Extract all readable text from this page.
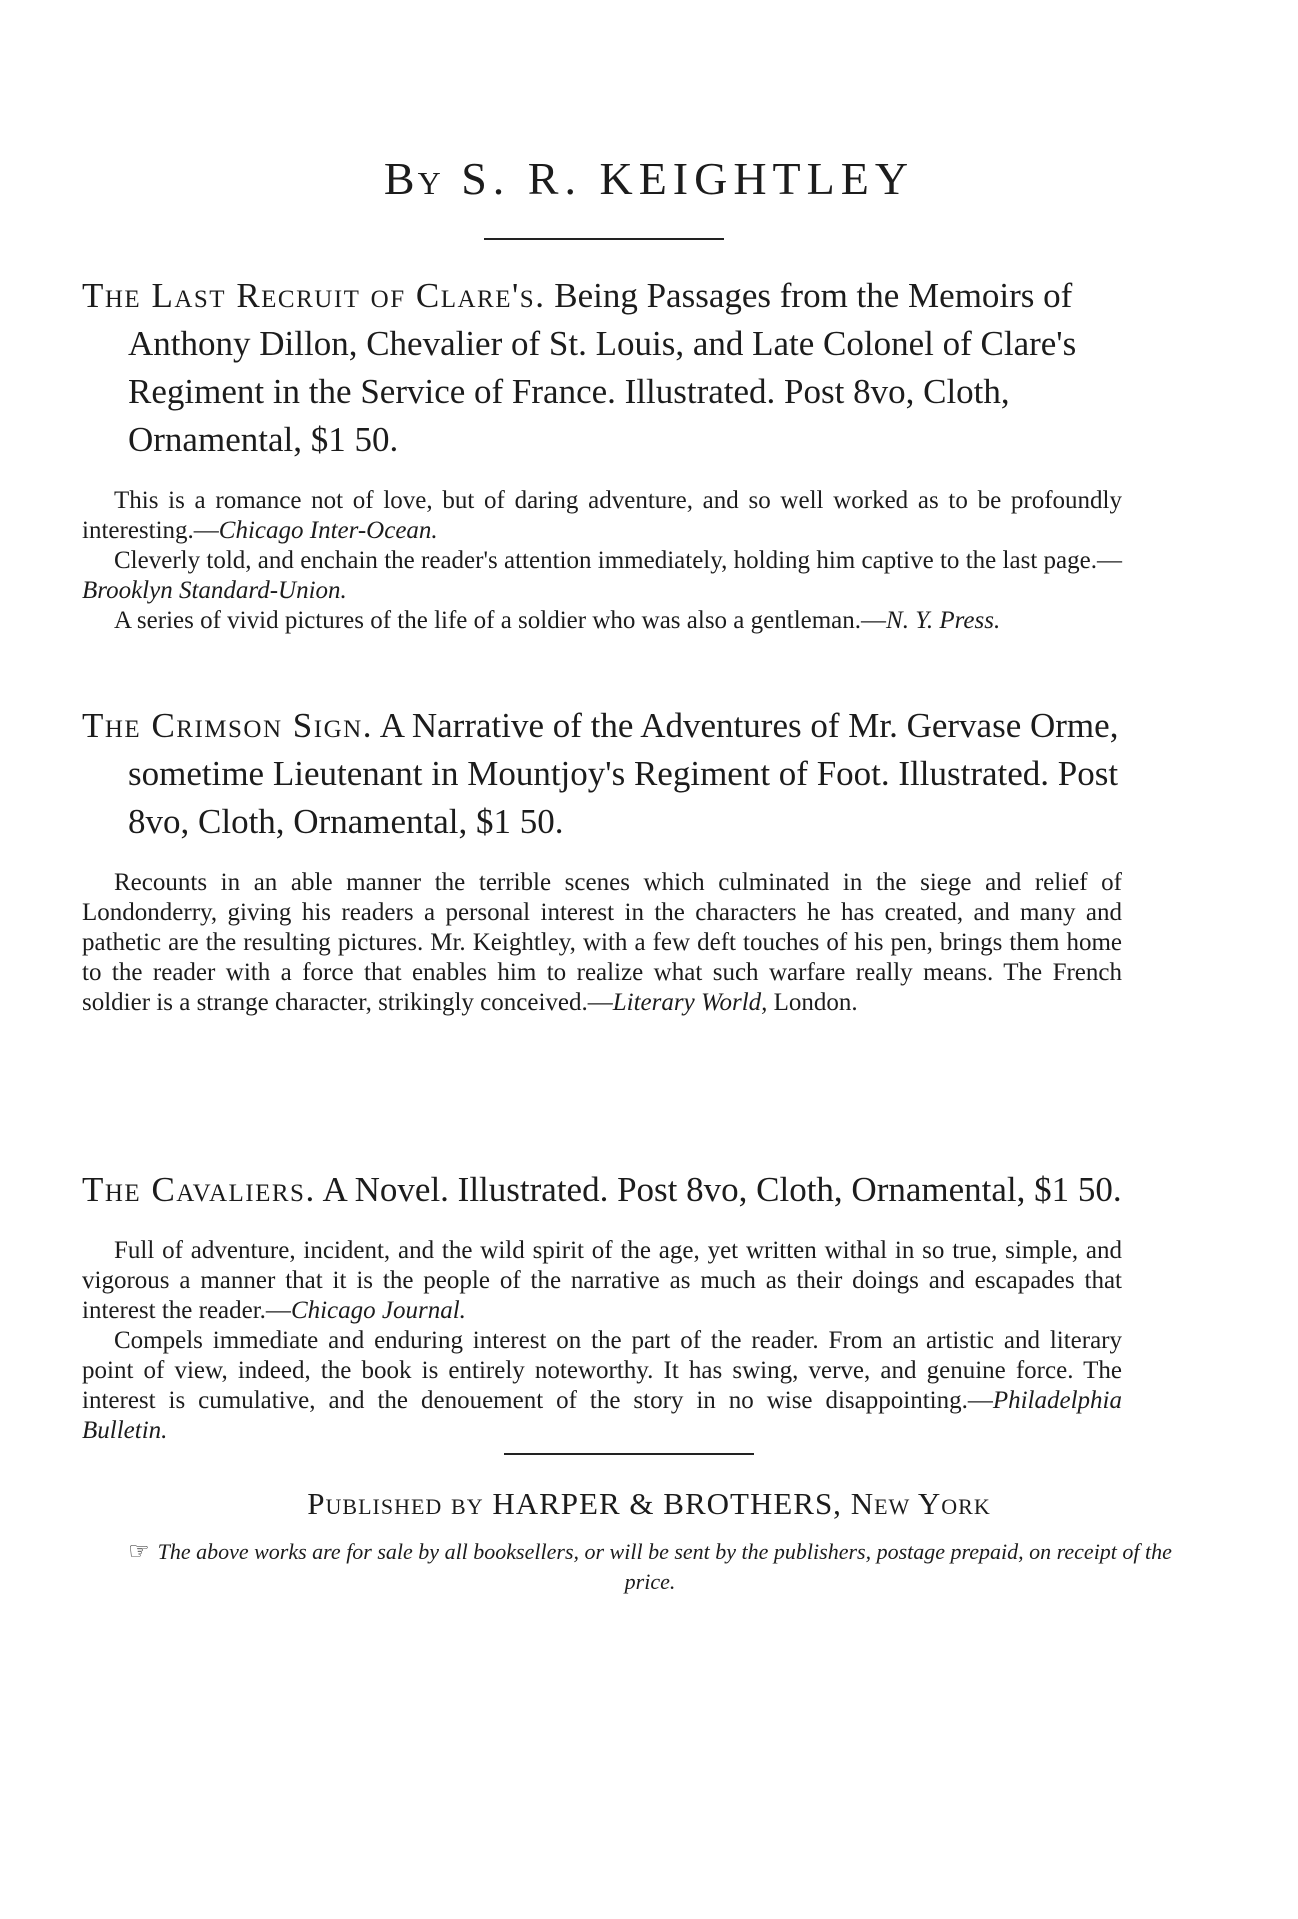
By S. R. KEIGHTLEY

The Last Recruit of Clare's. Being Passages from the Memoirs of Anthony Dillon, Chevalier of St. Louis, and Late Colonel of Clare's Regiment in the Service of France. Illustrated. Post 8vo, Cloth, Ornamental, $1 50.

This is a romance not of love, but of daring adventure, and so well worked as to be profoundly interesting.—Chicago Inter-Ocean.

Cleverly told, and enchain the reader's attention immediately, holding him captive to the last page.—Brooklyn Standard-Union.

A series of vivid pictures of the life of a soldier who was also a gentleman.—N. Y. Press.

The Crimson Sign. A Narrative of the Adventures of Mr. Gervase Orme, sometime Lieutenant in Mountjoy's Regiment of Foot. Illustrated. Post 8vo, Cloth, Ornamental, $1 50.

Recounts in an able manner the terrible scenes which culminated in the siege and relief of Londonderry, giving his readers a personal interest in the characters he has created, and many and pathetic are the resulting pictures. Mr. Keightley, with a few deft touches of his pen, brings them home to the reader with a force that enables him to realize what such warfare really means. The French soldier is a strange character, strikingly conceived.—Literary World, London.

The Cavaliers. A Novel. Illustrated. Post 8vo, Cloth, Ornamental, $1 50.

Full of adventure, incident, and the wild spirit of the age, yet written withal in so true, simple, and vigorous a manner that it is the people of the narrative as much as their doings and escapades that interest the reader.—Chicago Journal.

Compels immediate and enduring interest on the part of the reader. From an artistic and literary point of view, indeed, the book is entirely noteworthy. It has swing, verve, and genuine force. The interest is cumulative, and the denouement of the story in no wise disappointing.—Philadelphia Bulletin.

Published by HARPER & BROTHERS, New York
☞ The above works are for sale by all booksellers, or will be sent by the publishers, postage prepaid, on receipt of the price.
